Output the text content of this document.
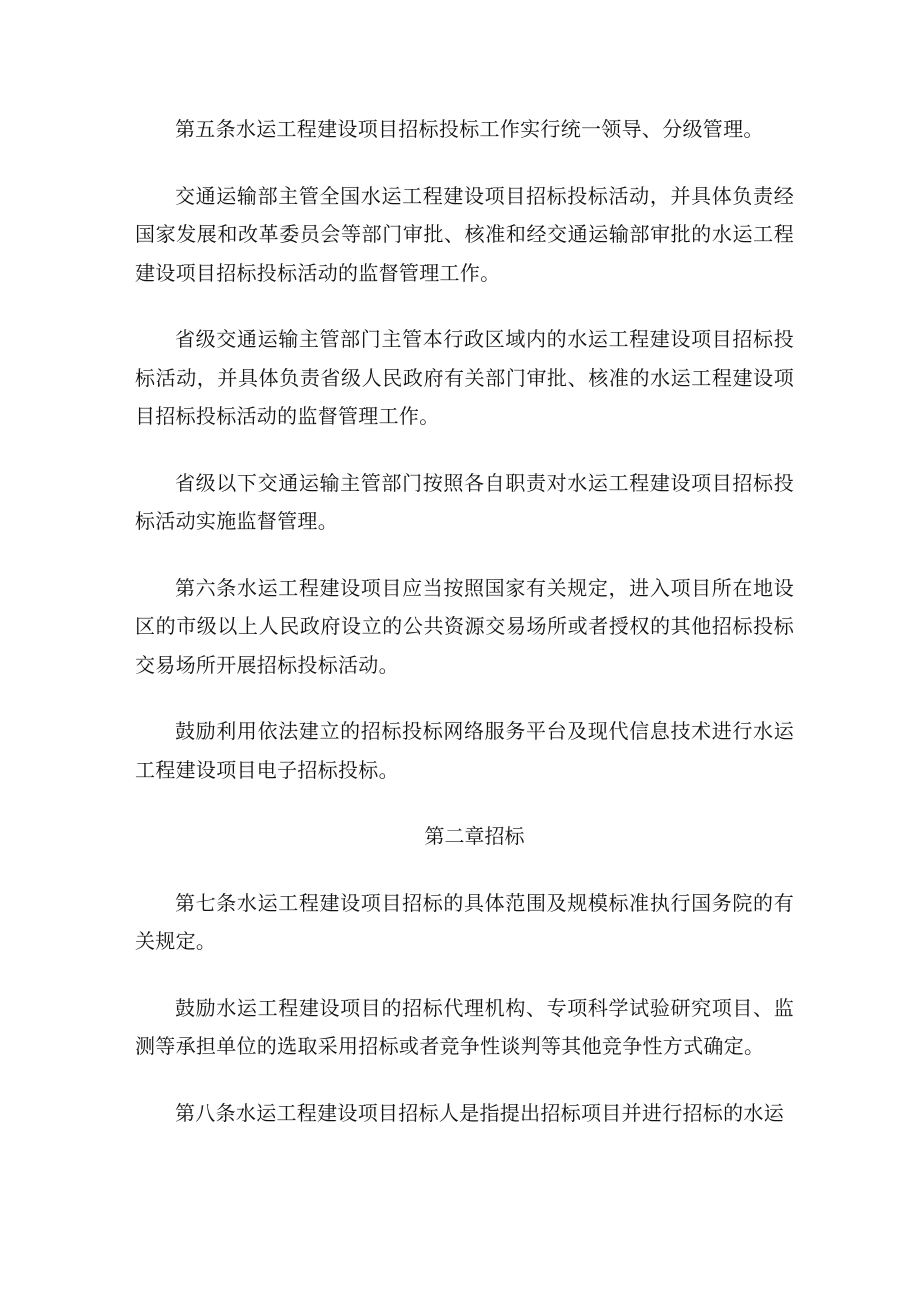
第五条水运工程建设项目招标投标工作实行统一领导、分级管理。

交通运输部主管全国水运工程建设项目招标投标活动，并具体负责经国家发展和改革委员会等部门审批、核准和经交通运输部审批的水运工程建设项目招标投标活动的监督管理工作。

省级交通运输主管部门主管本行政区域内的水运工程建设项目招标投标活动，并具体负责省级人民政府有关部门审批、核准的水运工程建设项目招标投标活动的监督管理工作。

省级以下交通运输主管部门按照各自职责对水运工程建设项目招标投标活动实施监督管理。

第六条水运工程建设项目应当按照国家有关规定，进入项目所在地设区的市级以上人民政府设立的公共资源交易场所或者授权的其他招标投标交易场所开展招标投标活动。

鼓励利用依法建立的招标投标网络服务平台及现代信息技术进行水运工程建设项目电子招标投标。

第二章招标

第七条水运工程建设项目招标的具体范围及规模标准执行国务院的有关规定。

鼓励水运工程建设项目的招标代理机构、专项科学试验研究项目、监测等承担单位的选取采用招标或者竞争性谈判等其他竞争性方式确定。

第八条水运工程建设项目招标人是指提出招标项目并进行招标的水运
